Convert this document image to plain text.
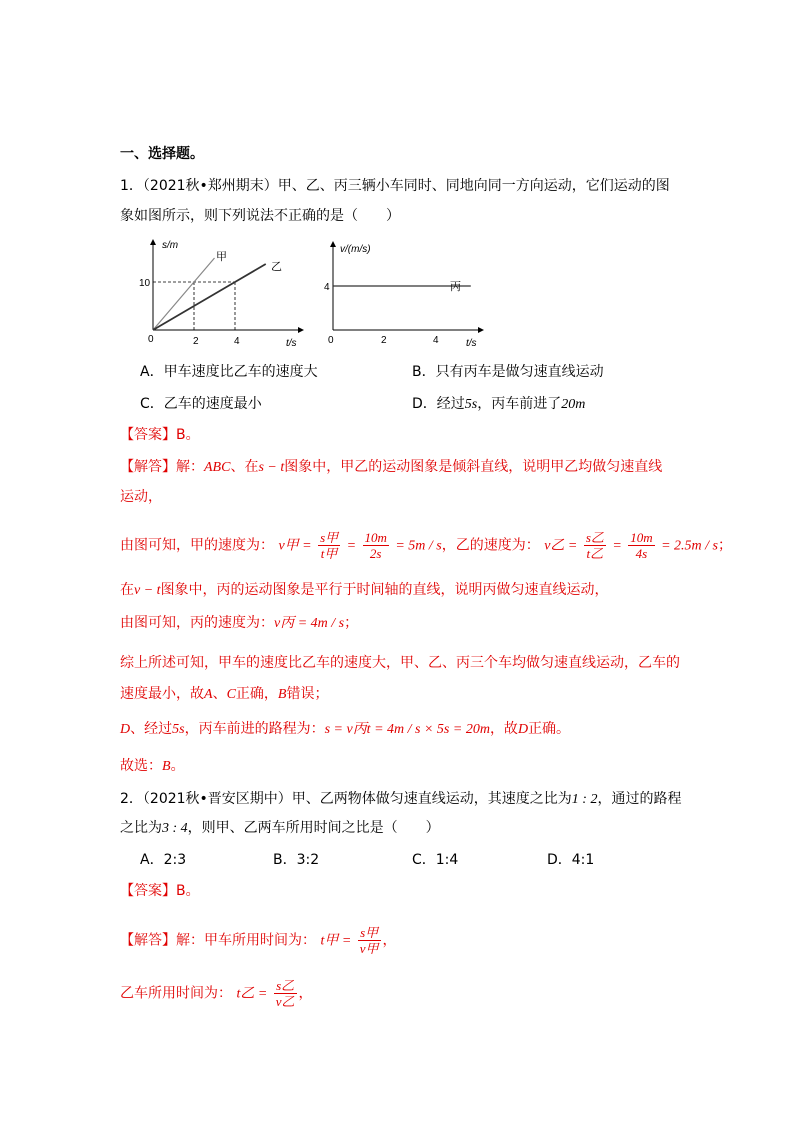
一、选择题。
1．（2021秋•郑州期末）甲、乙、丙三辆小车同时、同地向同一方向运动，它们运动的图
象如图所示，则下列说法不正确的是（　　）
s/m
t/s
0	2	4
10
甲
乙
v/(m/s)
t/s
0	2	4
4	丙
A．甲车速度比乙车的速度大	B．只有丙车是做匀速直线运动
C．乙车的速度最小	D．经过5s，丙车前进了20m
【答案】B。
【解答】解：ABC、在s − t图象中，甲乙的运动图象是倾斜直线，说明甲乙均做匀速直线
运动，
由图可知，甲的速度为： v甲 = $\frac{\text{s甲}}{\text{t甲}} = \frac{10m}{2s} = 5m / s$，乙的速度为： v乙 = $\frac{\text{s乙}}{\text{t乙}} = \frac{10m}{4s} = 2.5m / s$；
在v − t图象中，丙的运动图象是平行于时间轴的直线，说明丙做匀速直线运动，
由图可知，丙的速度为：v丙 = 4m / s；
综上所述可知，甲车的速度比乙车的速度大，甲、乙、丙三个车均做匀速直线运动，乙车的
速度最小，故A、C正确，B错误；
D、经过5s，丙车前进的路程为：s = v丙t = 4m / s × 5s = 20m，故D正确。
故选：B。
2．（2021秋•晋安区期中）甲、乙两物体做匀速直线运动，其速度之比为1 : 2，通过的路程
之比为3 : 4，则甲、乙两车所用时间之比是（　　）
A．2:3	B．3:2	C．1:4	D．4:1
【答案】B。
【解答】解：甲车所用时间为： t甲 = $\frac{\text{s甲}}{\text{v甲}}$ ，
乙车所用时间为： t乙 = $\frac{\text{s乙}}{\text{v乙}}$ ，
